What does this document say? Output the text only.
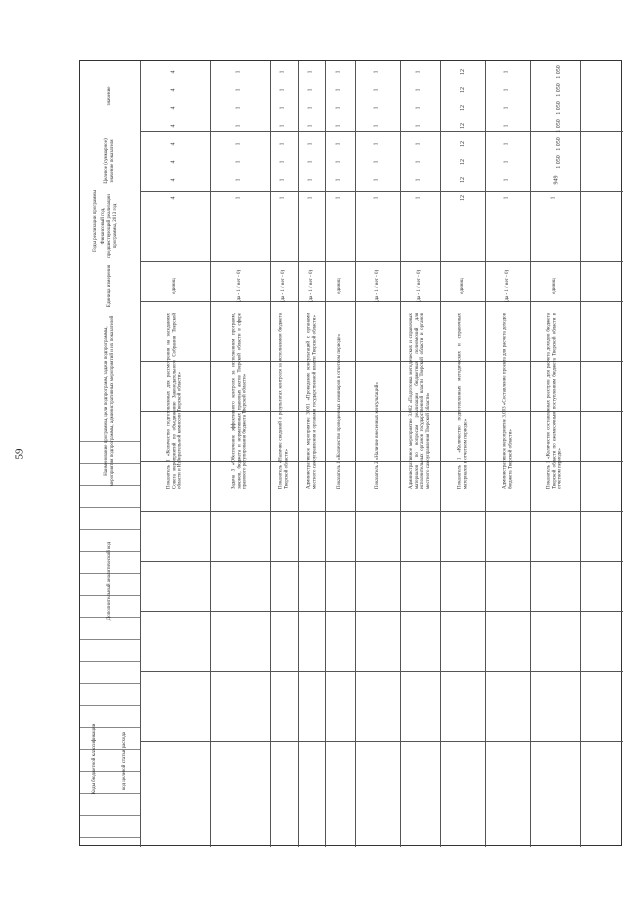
59
Коды бюджетной классификации	код целевой статьи расхода
Дополнительный аналитический код
Наименование программы, цели подпрограмм, задачи подпрограммы, мероприятия подпрограммы, административных мероприятий и их показателей
Единица измерения
Финансовый год, предшествующий реализации программы, 2013 год
Целевое (суммарное) значение показателя
значение
Годы реализации программы
Показатель 1 «Количество подготовленных для рассмотрения на заседаниях Совета мероприятий по объединению Законодательного Собрания Тверской области и Избирательной комиссии Тверской области»
единиц
4
4
4
4
4
4
4
4
Задача 3 «Обеспечение эффективного контроля за исполнением программ, законов, бюджета и нормативных правовых актов Тверской области в сфере правового регулирования бюджета Тверской области»
(да - 1 / нет - 0)
1
1
1
1
1
1
1
1
Показатель «Наличие сведений о результатах контроля за исполнением бюджета Тверской области»
(да - 1 / нет - 0)
1
1
1
1
1
1
1
1
Административное мероприятие 3.001 «Проведение консультаций с органами местного самоуправления и органами государственной власти Тверской области»
(да - 1 / нет - 0)
1
1
1
1
1
1
1
1
Показатель 1 «Количество проведенных семинаров в отчетном периоде»
единиц
1
1
1
1
1
1
1
1
Показатель 2 «Наличие внесенных консультаций»
(да - 1 / нет - 0)
1
1
1
1
1
1
1
1
Административное мероприятие 3.002 «Подготовка методических и справочных материалов по вопросам реализации бюджетных полномочий для исполнительных органов государственной власти Тверской области и органов местного самоуправления Тверской области»
(да - 1 / нет - 0)
1
1
1
1
1
1
1
1
Показатель 1 «Количество подготовленных методических и справочных материалов в отчетном периоде»
единиц
12
12
12
12
12
12
12
12
Административное мероприятие 3.003 «Составление проекта для расчета доходов бюджета Тверской области»
(да - 1 / нет - 0)
1
1
1
1
1
1
1
1
Показатель 1 «Количество составленных реестров для расчета доходов бюджета Тверской области по ежемесячным поступлениям бюджета Тверской области в отчетном периоде»
единиц
1
949
1 050
1 050
1 050
1 050
1 050
1 050
